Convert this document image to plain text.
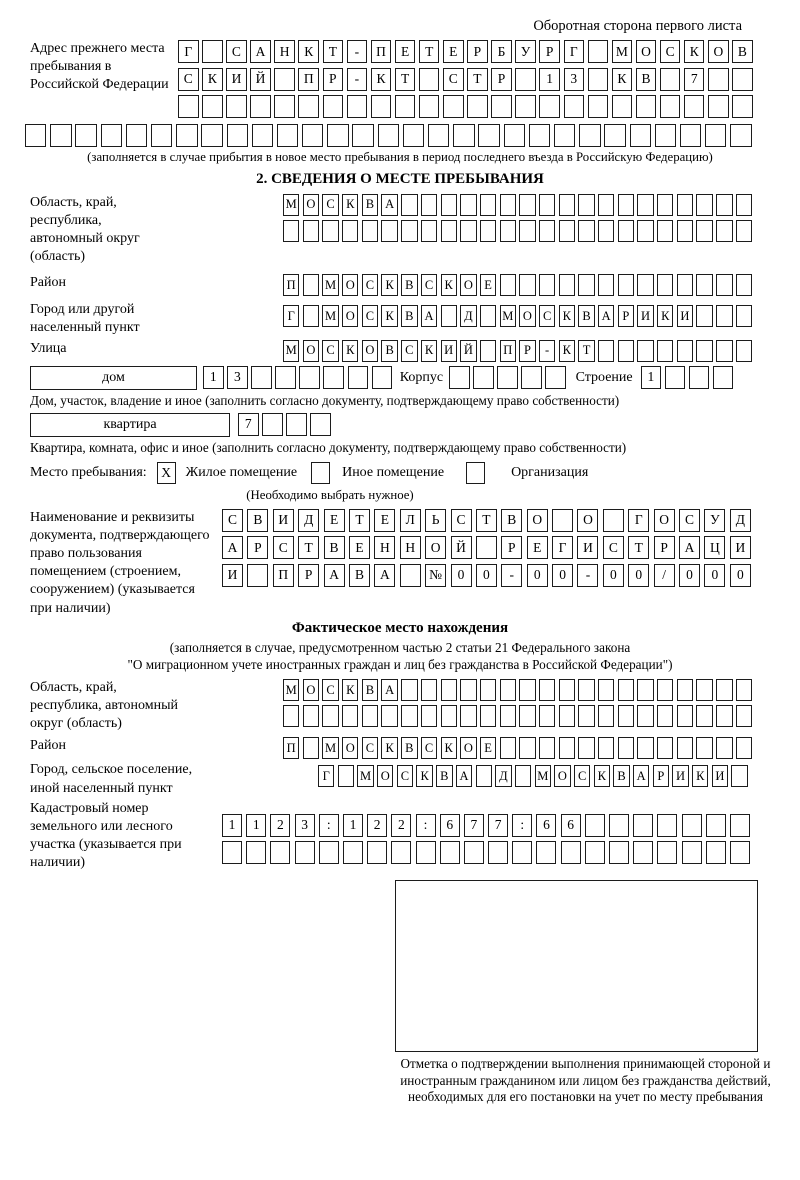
Оборотная сторона первого листа
Адрес прежнего места пребывания в Российской Федерации
Г	С	А	Н	К	Т	-	П	Е	Т	Е	Р	Б	У	Р	Г	М О	С	К	О	В
С	К	И	Й	П	Р	-	К	Т	С	Т	Р	1	3	К	В	7
(заполняется в случае прибытия в новое место пребывания в период последнего въезда в Российскую Федерацию)
2. СВЕДЕНИЯ О МЕСТЕ ПРЕБЫВАНИЯ
Область, край, республика, автономный округ (область)
М О С К В А
Район	П М О С К В С К О Е
Город или другой населенный пункт
Г	М О С К В А	Д	М О С К В А Р И К И
Улица	М О С К О В С К И Й П Р	-	К Т
дом	1	3	Корпус	Строение	1
Дом, участок, владение и иное (заполнить согласно документу, подтверждающему право собственности)
квартира	7
Квартира, комната, офис и иное (заполнить согласно документу, подтверждающему право собственности)
Место пребывания:	X	Жилое помещение	Иное помещение	Организация
(Необходимо выбрать нужное)
Наименование и реквизиты документа, подтверждающего право пользования помещением (строением, сооружением) (указывается при наличии)
С	В	И	Д	Е	Т	Е	Л	Ь	С	Т	В	О	О	Г	О	С	У	Д
А	Р	С	Т	В	Е	Н	Н	О	Й	Р	Е	Г	И	С	Т	Р	А	Ц	И
И	П	Р	А	В	А	№	0	0	-	0	0	-	0	0	/	0	0	0
Фактическое место нахождения
(заполняется в случае, предусмотренном частью 2 статьи 21 Федерального закона
"О миграционном учете иностранных граждан и лиц без гражданства в Российской Федерации")
Область, край, республика, автономный округ (область)
М О С К В А
Район	П М О С К В С К О Е
Город, сельское поселение, иной населенный пункт
Г	М О С К В А	Д	М О С К В А Р И К И
Кадастровый номер земельного или лесного участка (указывается при наличии)
1	1	2	3	:	1	2	2	:	6	7	7	:	6	6
Отметка о подтверждении выполнения принимающей стороной и иностранным гражданином или лицом без гражданства действий, необходимых для его постановки на учет по месту пребывания
